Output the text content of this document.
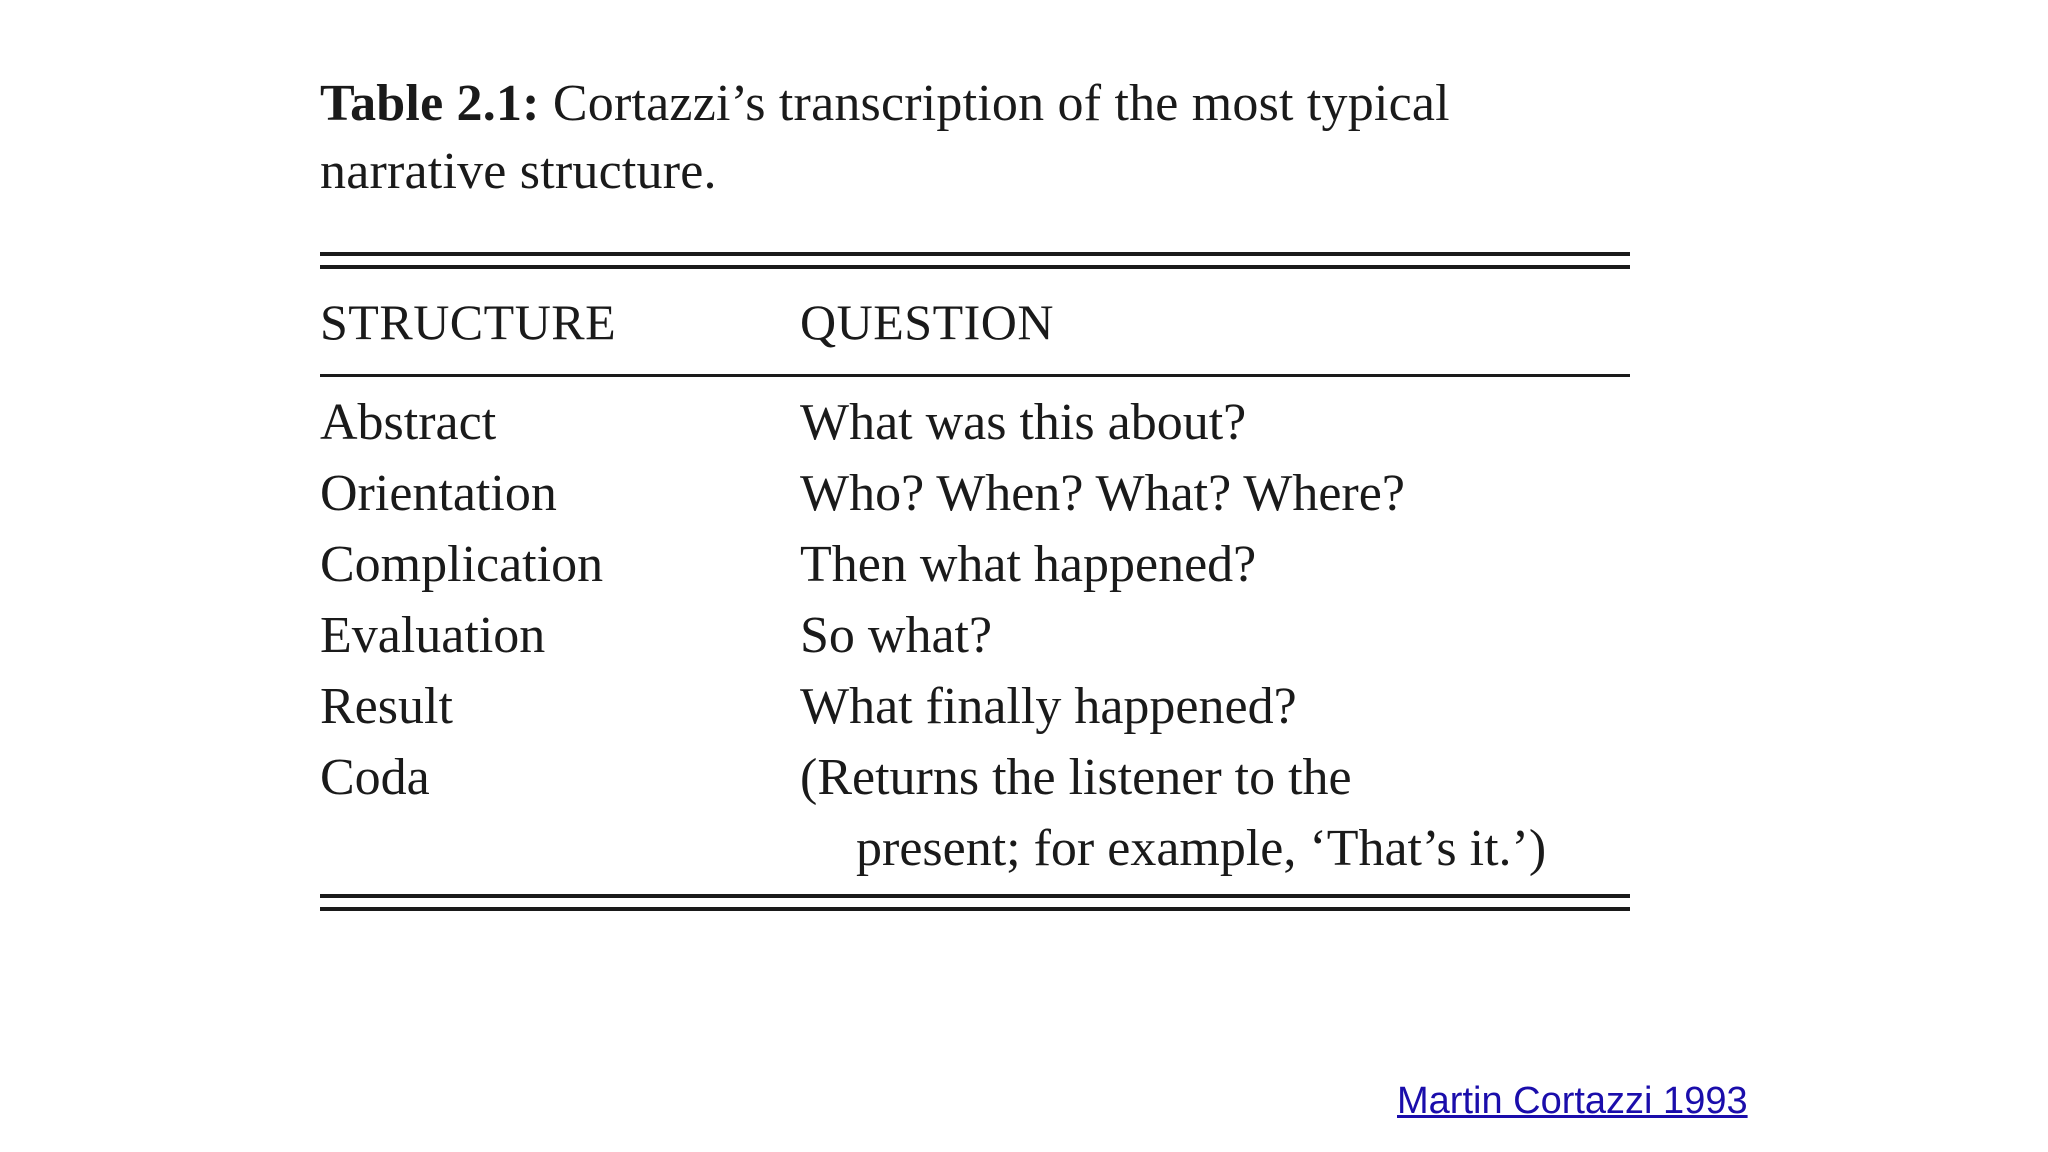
Table 2.1: Cortazzi’s transcription of the most typical narrative structure.

STRUCTURE	QUESTION
Abstract	What was this about?
Orientation	Who? When? What? Where?
Complication	Then what happened?
Evaluation	So what?
Result	What finally happened?
Coda	(Returns the listener to the
present; for example, ‘That’s it.’)
Martin Cortazzi 1993
